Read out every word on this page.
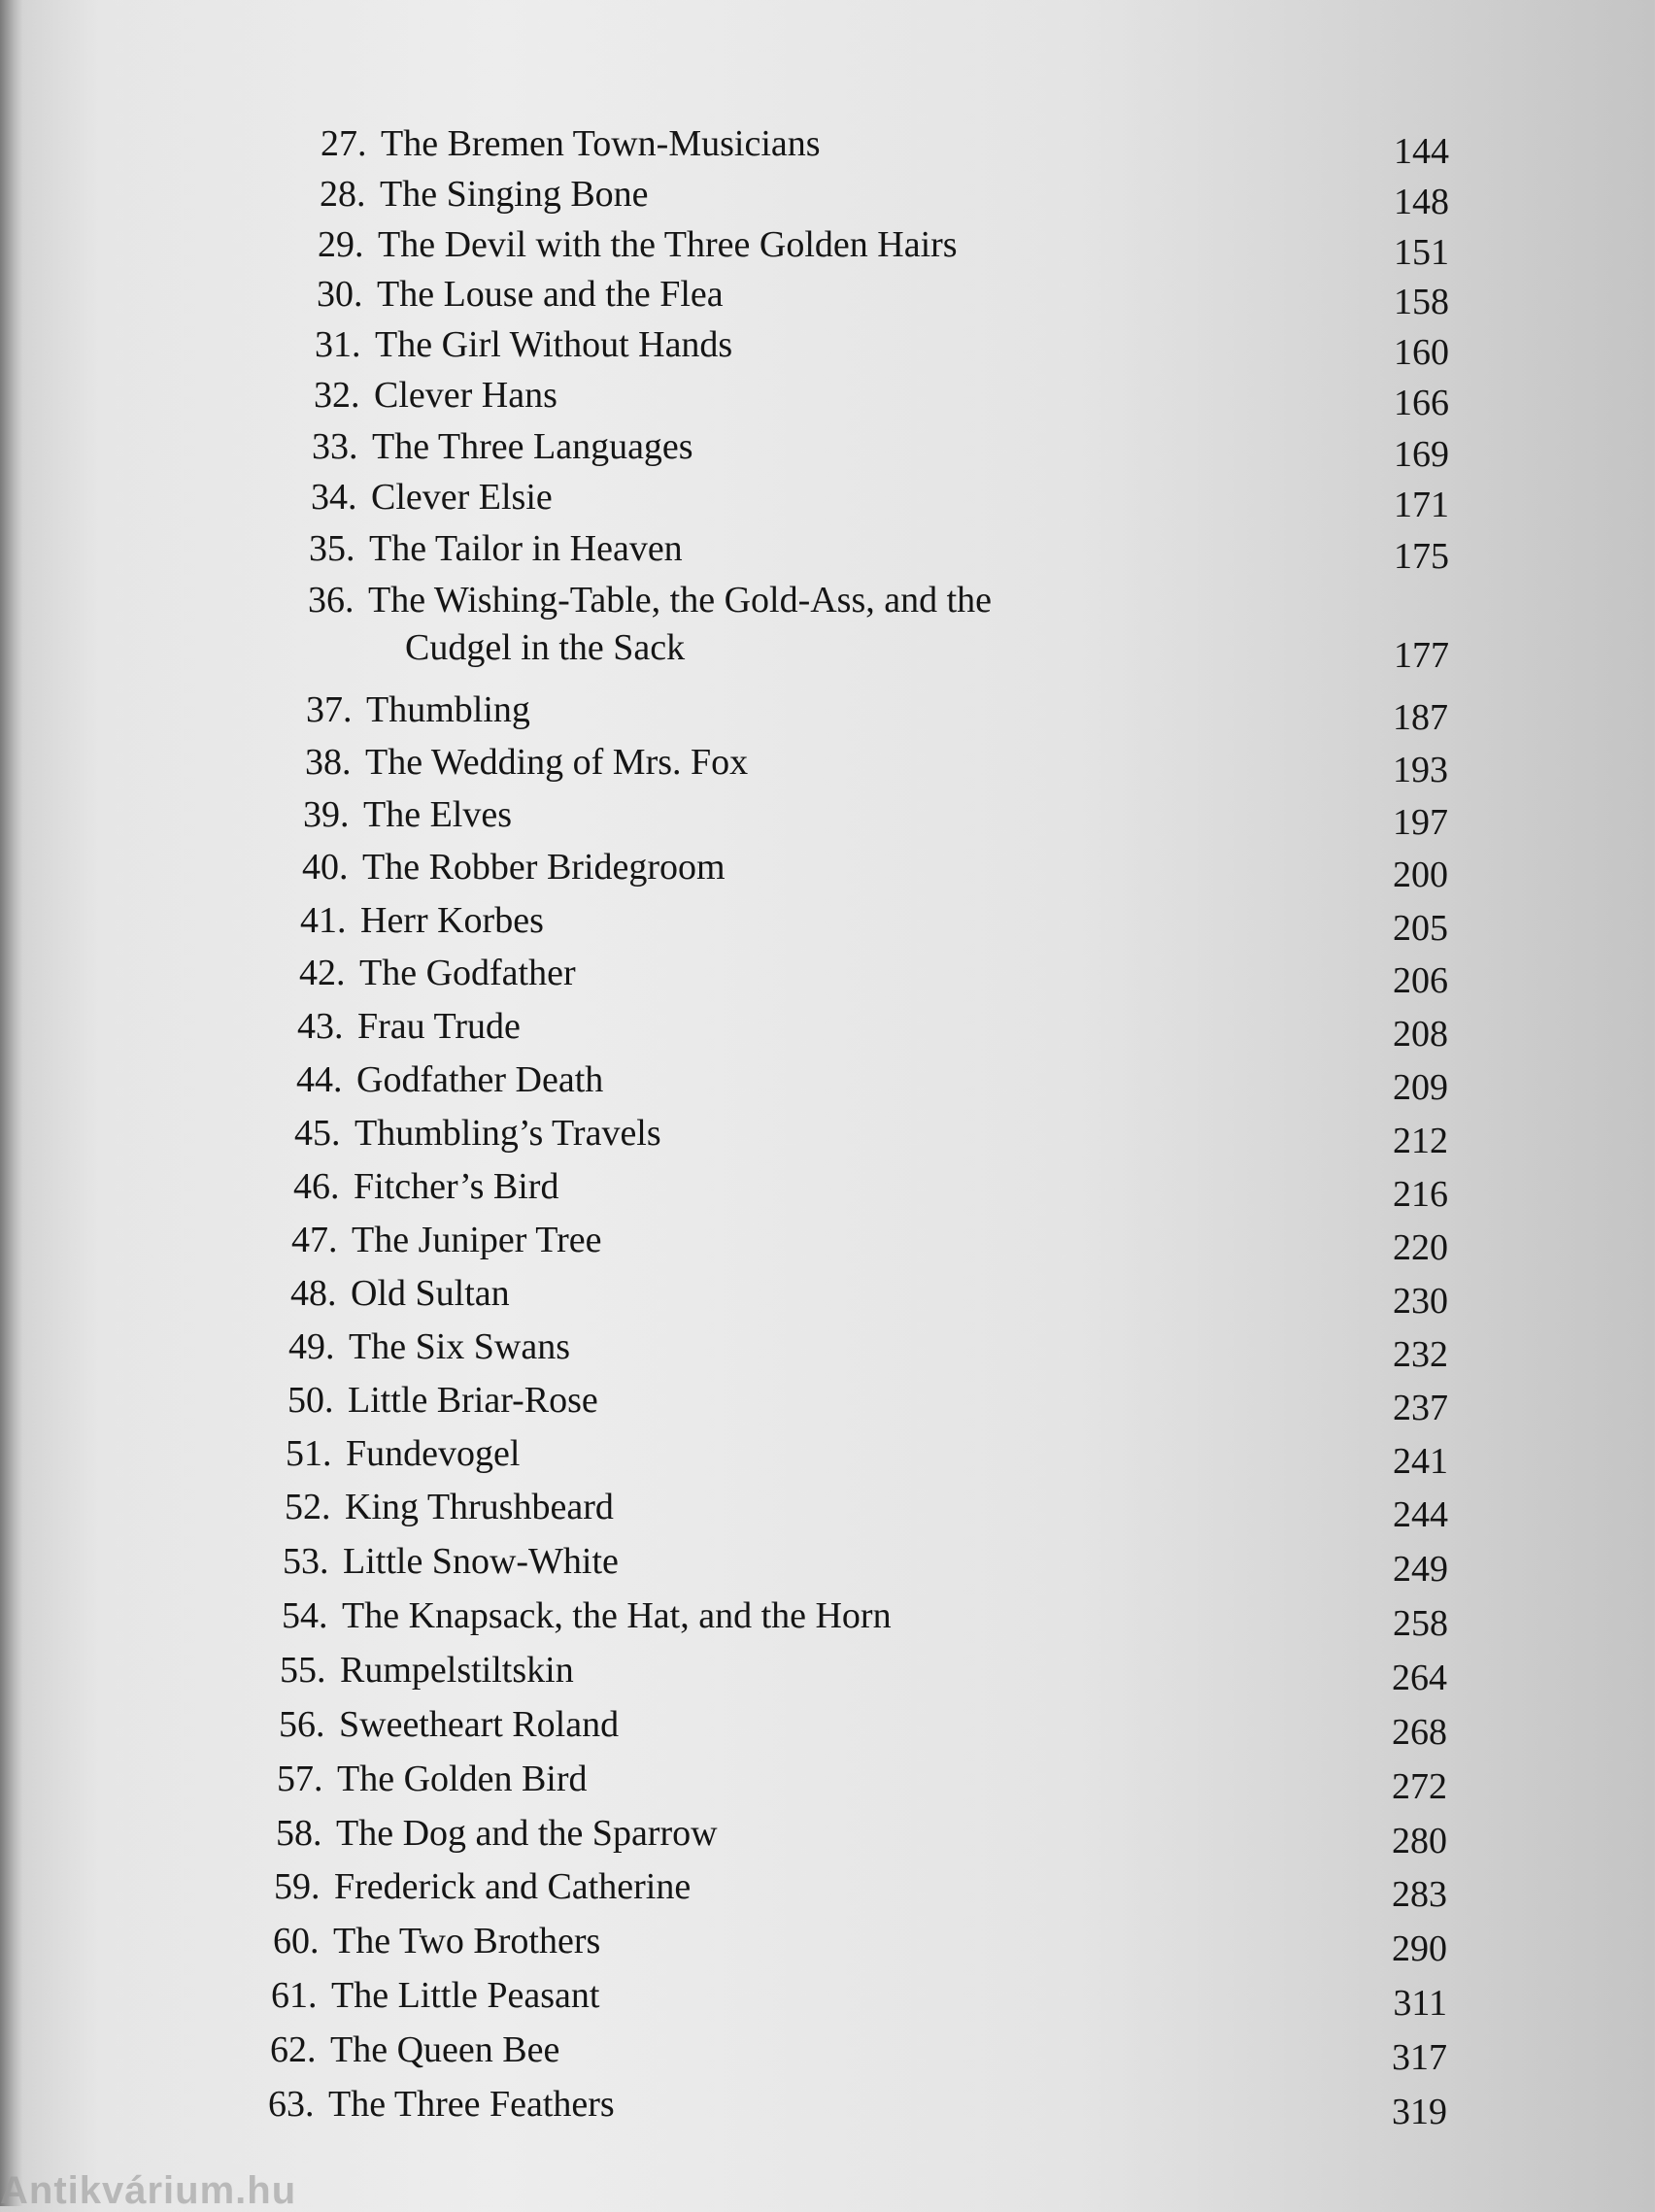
27. The Bremen Town-Musicians	144
28. The Singing Bone	148
29. The Devil with the Three Golden Hairs	151
30. The Louse and the Flea	158
31. The Girl Without Hands	160
32. Clever Hans	166
33. The Three Languages	169
34. Clever Elsie	171
35. The Tailor in Heaven	175
36. The Wishing-Table, the Gold-Ass, and the
Cudgel in the Sack	177
37. Thumbling	187
38. The Wedding of Mrs. Fox	193
39. The Elves	197
40. The Robber Bridegroom	200
41. Herr Korbes	205
42. The Godfather	206
43. Frau Trude	208
44. Godfather Death	209
45. Thumbling’s Travels	212
46. Fitcher’s Bird	216
47. The Juniper Tree	220
48. Old Sultan	230
49. The Six Swans	232
50. Little Briar-Rose	237
51. Fundevogel	241
52. King Thrushbeard	244
53. Little Snow-White	249
54. The Knapsack, the Hat, and the Horn	258
55. Rumpelstiltskin	264
56. Sweetheart Roland	268
57. The Golden Bird	272
58. The Dog and the Sparrow	280
59. Frederick and Catherine	283
60. The Two Brothers	290
61. The Little Peasant	311
62. The Queen Bee	317
63. The Three Feathers	319
Antikvárium.hu
